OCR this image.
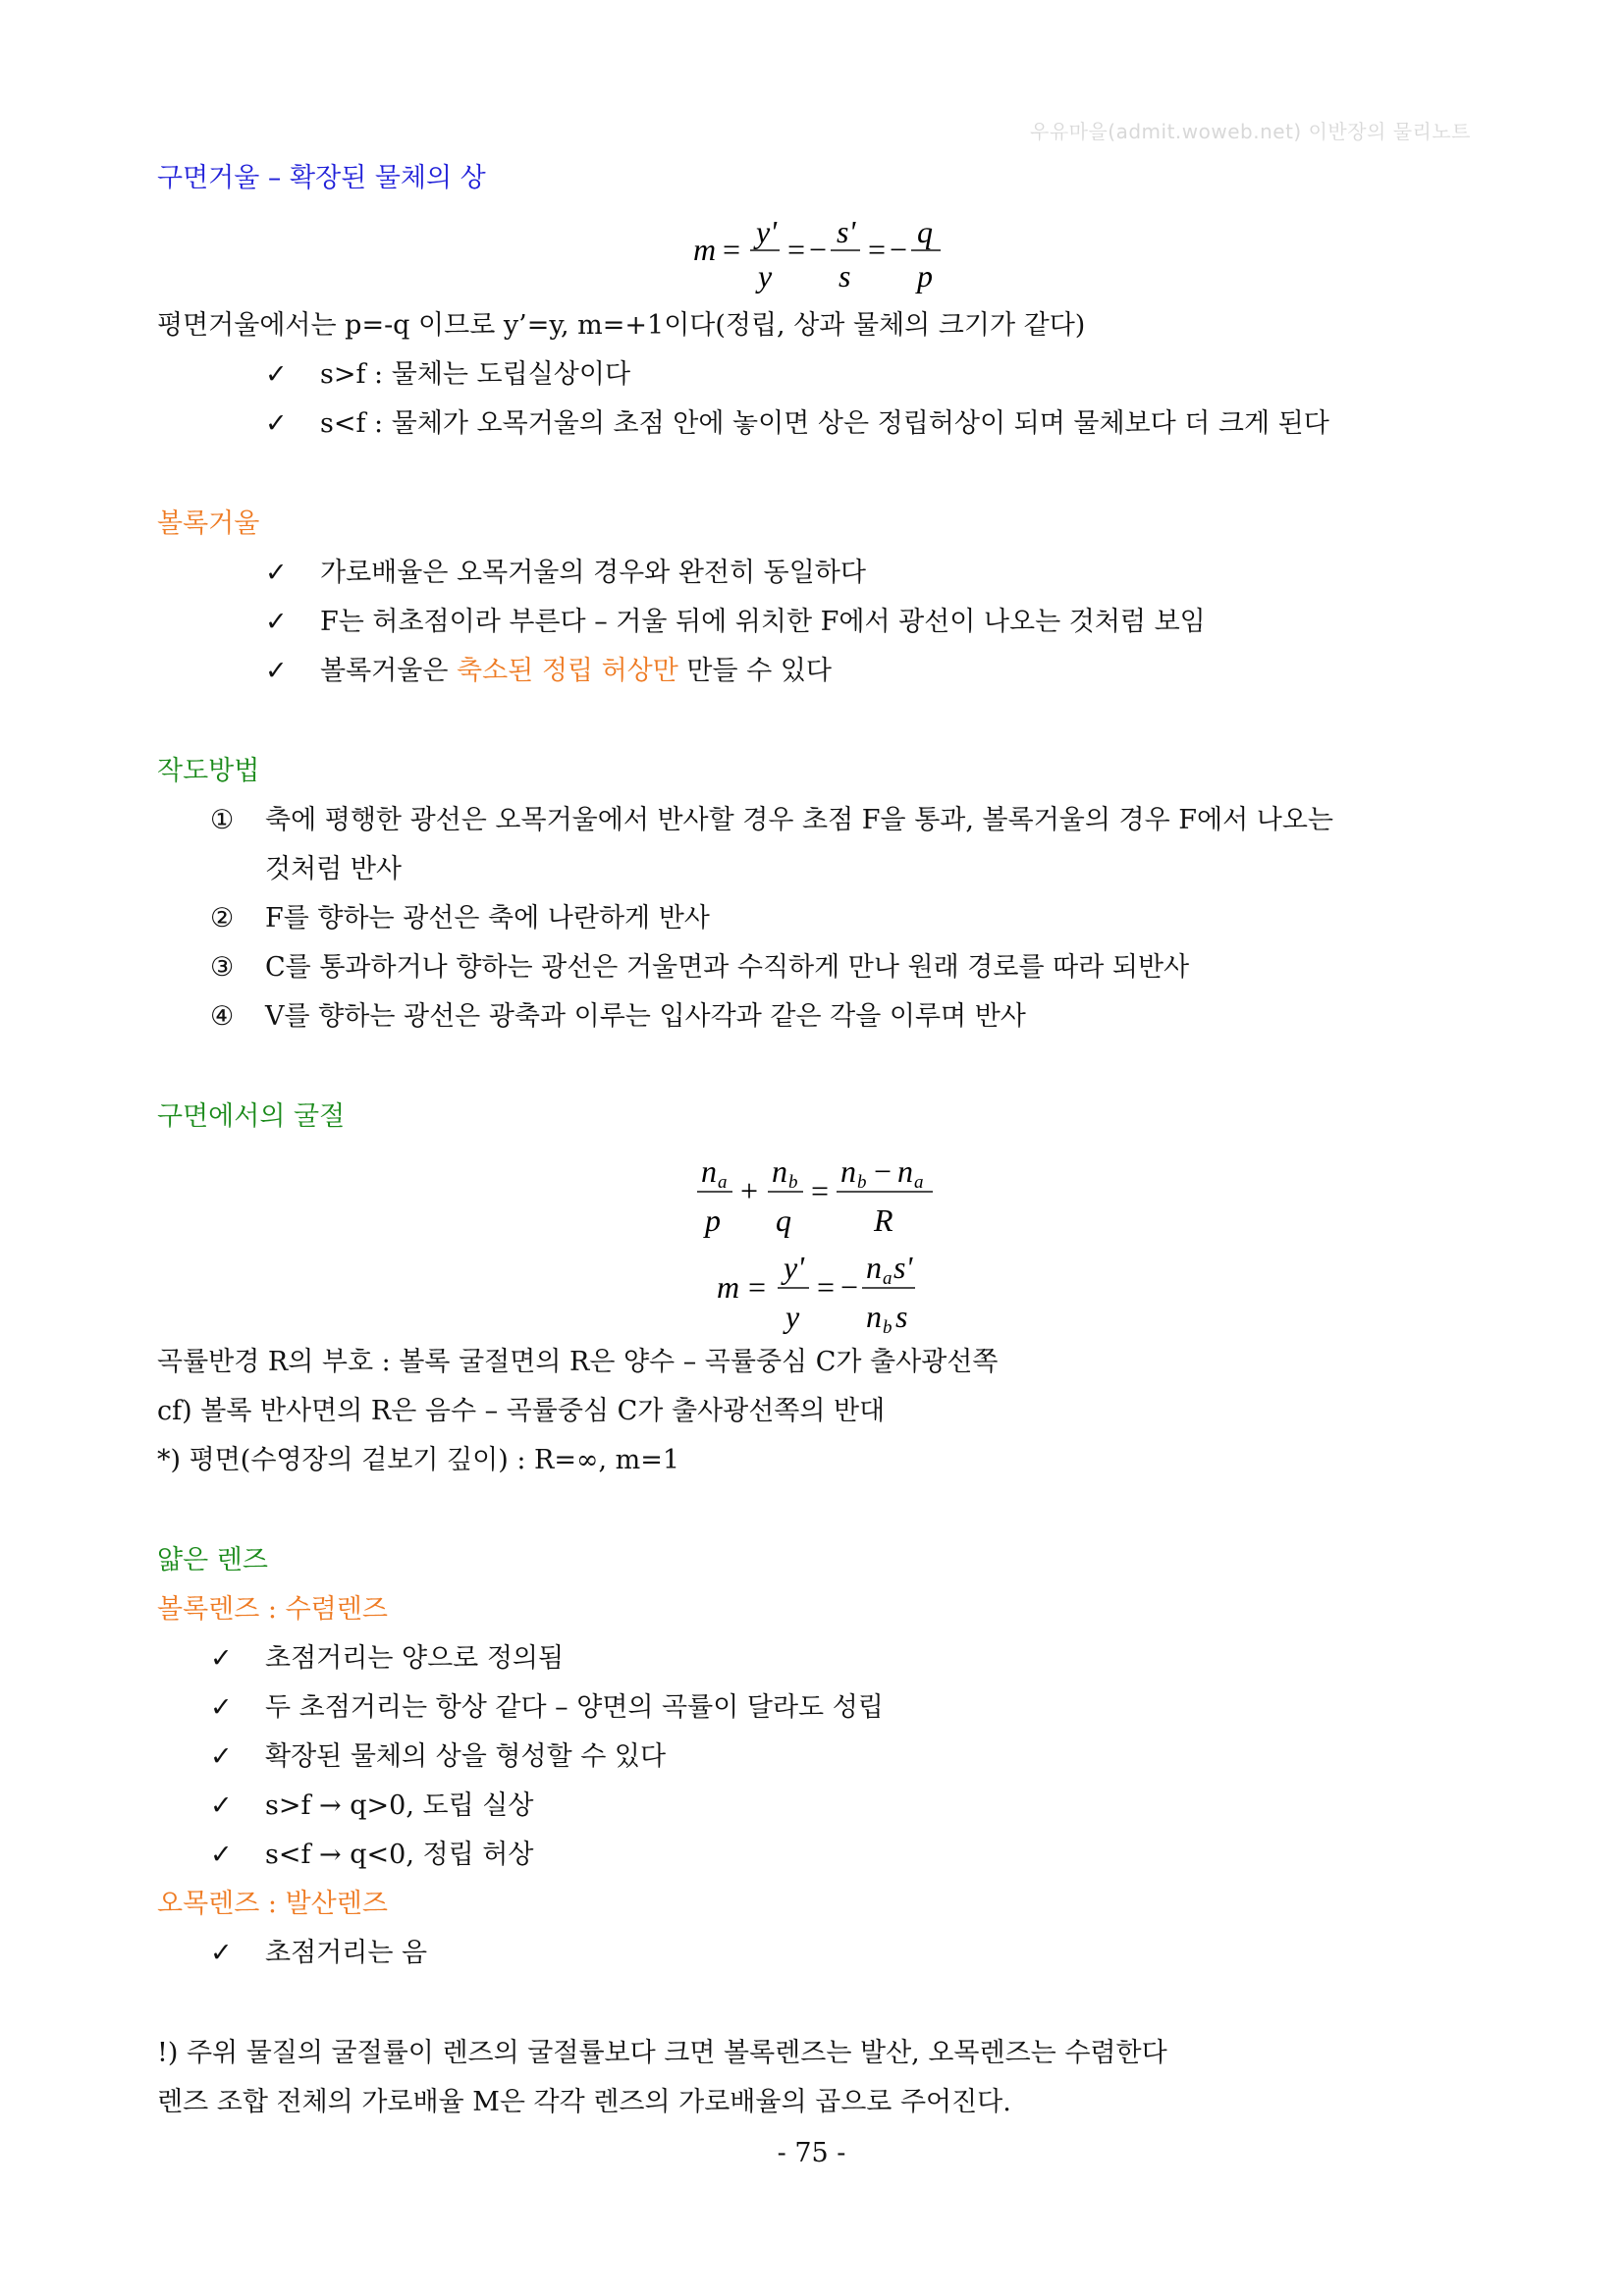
우유마을(admit.woweb.net) 이반장의 물리노트
구면거울 – 확장된 물체의 상
m = y'
y
= − s'
s
= − q
p
평면거울에서는 p=-q 이므로 y’=y, m=+1이다(정립, 상과 물체의 크기가 같다)
✓ s>f : 물체는 도립실상이다
✓ s<f : 물체가 오목거울의 초점 안에 놓이면 상은 정립허상이 되며 물체보다 더 크게 된다
볼록거울
✓ 가로배율은 오목거울의 경우와 완전히 동일하다
✓ F는 허초점이라 부른다 – 거울 뒤에 위치한 F에서 광선이 나오는 것처럼 보임
✓ 볼록거울은 축소된 정립 허상만 만들 수 있다
작도방법
① 축에 평행한 광선은 오목거울에서 반사할 경우 초점 F을 통과, 볼록거울의 경우 F에서 나오는
것처럼 반사
② F를 향하는 광선은 축에 나란하게 반사
③ C를 통과하거나 향하는 광선은 거울면과 수직하게 만나 원래 경로를 따라 되반사
④ V를 향하는 광선은 광축과 이루는 입사각과 같은 각을 이루며 반사
구면에서의 굴절
n a
p
+
n b
q
=
n b − n a
R
m =
y'
y
= −
n a s'
n b s
곡률반경 R의 부호 : 볼록 굴절면의 R은 양수 – 곡률중심 C가 출사광선쪽
cf) 볼록 반사면의 R은 음수 – 곡률중심 C가 출사광선쪽의 반대
*) 평면(수영장의 겉보기 깊이) : R=∞, m=1
얇은 렌즈
볼록렌즈 : 수렴렌즈
✓ 초점거리는 양으로 정의됨
✓ 두 초점거리는 항상 같다 – 양면의 곡률이 달라도 성립
✓ 확장된 물체의 상을 형성할 수 있다
✓ s>f → q>0, 도립 실상
✓ s<f → q<0, 정립 허상
오목렌즈 : 발산렌즈
✓ 초점거리는 음
!) 주위 물질의 굴절률이 렌즈의 굴절률보다 크면 볼록렌즈는 발산, 오목렌즈는 수렴한다
렌즈 조합 전체의 가로배율 M은 각각 렌즈의 가로배율의 곱으로 주어진다.
- 75 -
